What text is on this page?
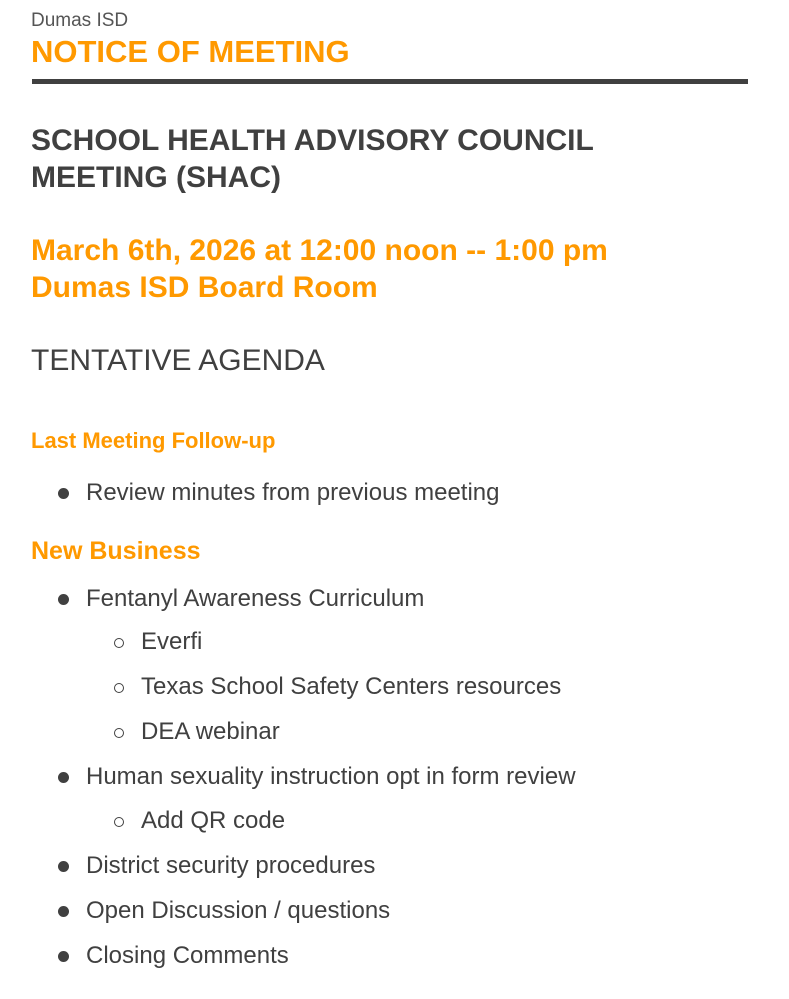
Dumas ISD
NOTICE OF MEETING
SCHOOL HEALTH ADVISORY COUNCIL
MEETING (SHAC)
March 6th, 2026 at 12:00 noon -- 1:00 pm
Dumas ISD Board Room
TENTATIVE AGENDA
Last Meeting Follow-up
Review minutes from previous meeting
New Business
Fentanyl Awareness Curriculum
Everfi
Texas School Safety Centers resources
DEA webinar
Human sexuality instruction opt in form review
Add QR code
District security procedures
Open Discussion / questions
Closing Comments
